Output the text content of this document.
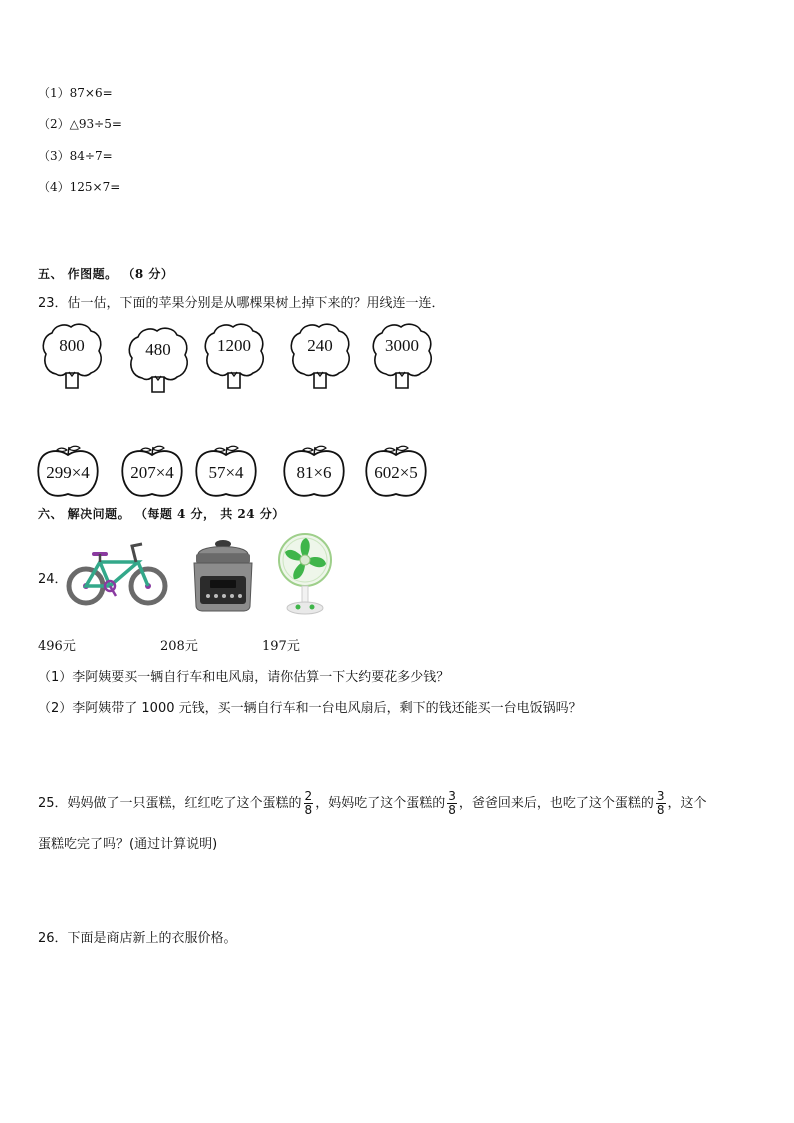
（1）87×6=
（2）△93÷5=
（3）84÷7=
（4）125×7=
五、 作图题。 （8 分）
23．估一估，下面的苹果分别是从哪棵果树上掉下来的？用线连一连．
800	480	1200	240	3000
299×4	207×4	57×4	81×6	602×5
六、 解决问题。 （每题 4 分， 共 24 分）
24．
496元	208元	197元
（1）李阿姨要买一辆自行车和电风扇，请你估算一下大约要花多少钱？
（2）李阿姨带了 1000 元钱，买一辆自行车和一台电风扇后，剩下的钱还能买一台电饭锅吗？
25．妈妈做了一只蛋糕，红红吃了这个蛋糕的 $\frac{2}{8}$ ，妈妈吃了这个蛋糕的 $\frac{3}{8}$ ，爸爸回来后，也吃了这个蛋糕的 $\frac{3}{8}$ ，这个
蛋糕吃完了吗？(通过计算说明)
26．下面是商店新上的衣服价格。
